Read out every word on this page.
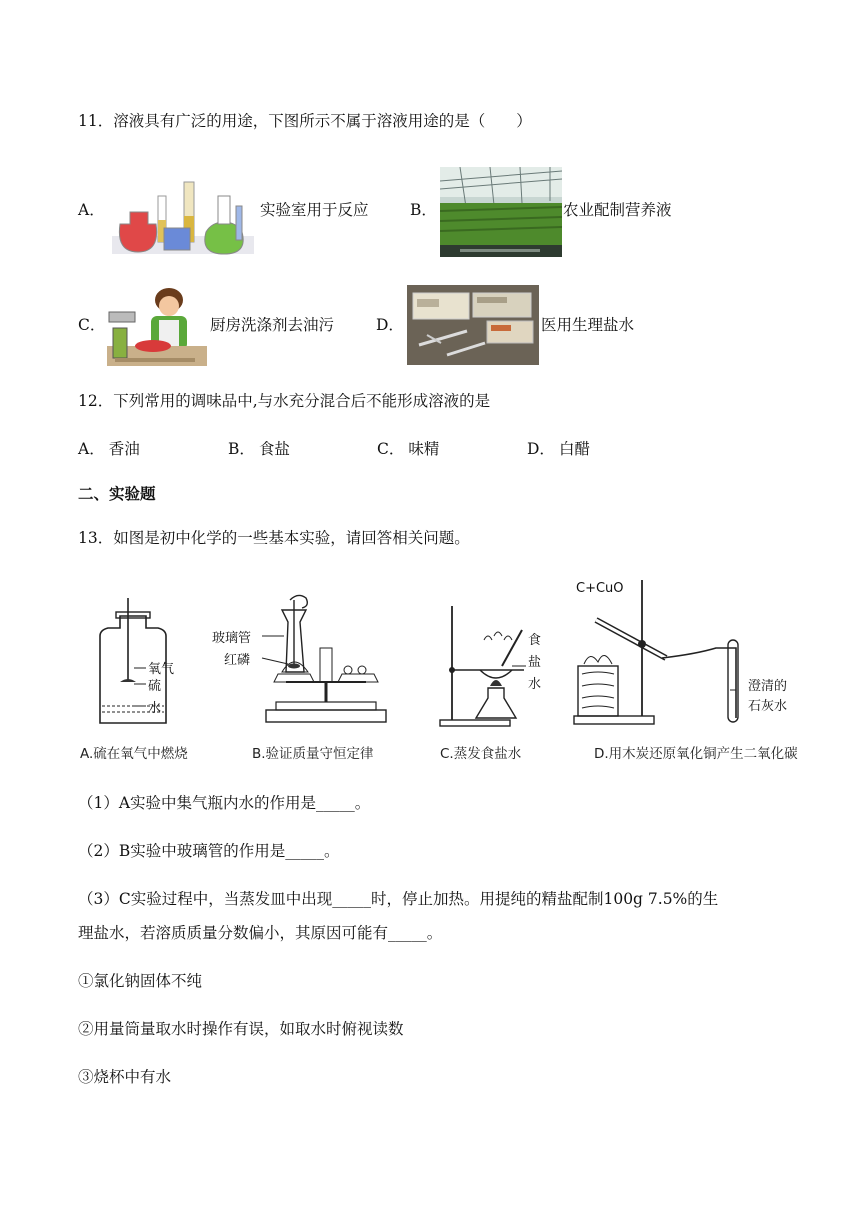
11．溶液具有广泛的用途，下图所示不属于溶液用途的是（　　）
A．	实验室用于反应	B．	农业配制营养液
C．	厨房洗涤剂去油污	D．	医用生理盐水
12．下列常用的调味品中,与水充分混合后不能形成溶液的是
A． 香油	B． 食盐	C． 味精	D． 白醋
二、实验题
13．如图是初中化学的一些基本实验，请回答相关问题。
氧气
硫
水
A.硫在氧气中燃烧
玻璃管
红磷
B.验证质量守恒定律
食
盐
水
C.蒸发食盐水
C+CuO
澄清的
石灰水
D.用木炭还原氧化铜产生二氧化碳
（1）A实验中集气瓶内水的作用是_____。
（2）B实验中玻璃管的作用是_____。
（3）C实验过程中，当蒸发皿中出现_____时，停止加热。用提纯的精盐配制100g 7.5%的生
理盐水，若溶质质量分数偏小，其原因可能有_____。
①氯化钠固体不纯
②用量筒量取水时操作有误，如取水时俯视读数
③烧杯中有水
